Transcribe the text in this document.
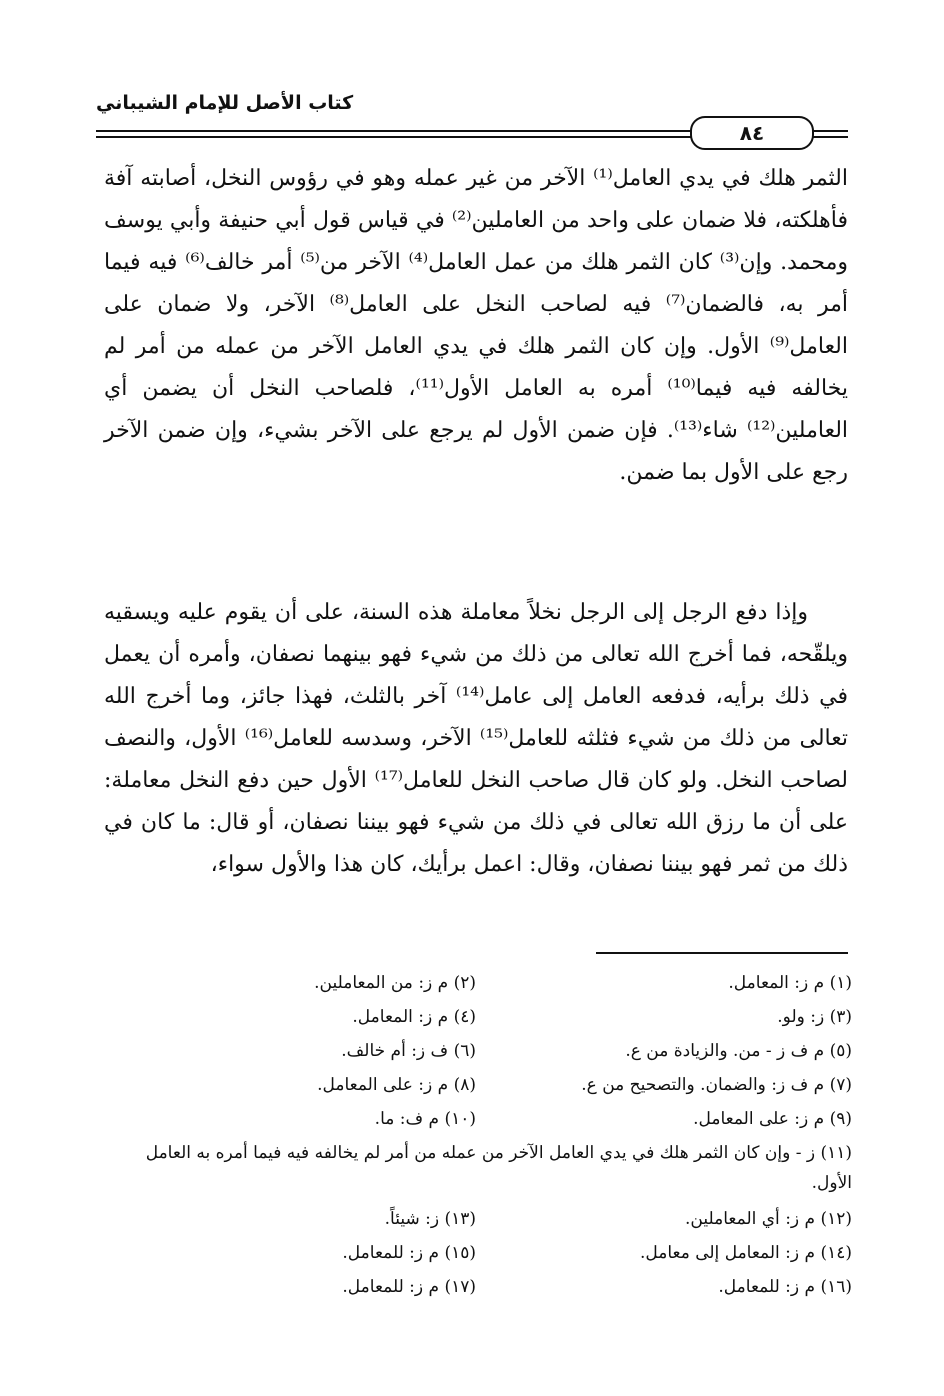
كتاب الأصل للإمام الشيباني
٨٤

الثمر هلك في يدي العامل⁽¹⁾ الآخر من غير عمله وهو في رؤوس النخل، أصابته آفة فأهلكته، فلا ضمان على واحد من العاملين⁽²⁾ في قياس قول أبي حنيفة وأبي يوسف ومحمد. وإن⁽³⁾ كان الثمر هلك من عمل العامل⁽⁴⁾ الآخر من⁽⁵⁾ أمر خالف⁽⁶⁾ فيه فيما أمر به، فالضمان⁽⁷⁾ فيه لصاحب النخل على العامل⁽⁸⁾ الآخر، ولا ضمان على العامل⁽⁹⁾ الأول. وإن كان الثمر هلك في يدي العامل الآخر من عمله من أمر لم يخالفه فيه فيما⁽¹⁰⁾ أمره به العامل الأول⁽¹¹⁾، فلصاحب النخل أن يضمن أي العاملين⁽¹²⁾ شاء⁽¹³⁾. فإن ضمن الأول لم يرجع على الآخر بشيء، وإن ضمن الآخر رجع على الأول بما ضمن.

وإذا دفع الرجل إلى الرجل نخلاً معاملة هذه السنة، على أن يقوم عليه ويسقيه ويلقّحه، فما أخرج الله تعالى من ذلك من شيء فهو بينهما نصفان، وأمره أن يعمل في ذلك برأيه، فدفعه العامل إلى عامل⁽¹⁴⁾ آخر بالثلث، فهذا جائز، وما أخرج الله تعالى من ذلك من شيء فثلثه للعامل⁽¹⁵⁾ الآخر، وسدسه للعامل⁽¹⁶⁾ الأول، والنصف لصاحب النخل. ولو كان قال صاحب النخل للعامل⁽¹⁷⁾ الأول حين دفع النخل معاملة: على أن ما رزق الله تعالى في ذلك من شيء فهو بيننا نصفان، أو قال: ما كان في ذلك من ثمر فهو بيننا نصفان، وقال: اعمل برأيك، كان هذا والأول سواء،

(١) م ز: المعامل.
(٢) م ز: من المعاملين.
(٣) ز: ولو.
(٤) م ز: المعامل.
(٥) م ف ز - من. والزيادة من ع.
(٦) ف ز: أم خالف.
(٧) م ف ز: والضمان. والتصحيح من ع.
(٨) م ز: على المعامل.
(٩) م ز: على المعامل.
(١٠) م ف: ما.
(١١) ز - وإن كان الثمر هلك في يدي العامل الآخر من عمله من أمر لم يخالفه فيه فيما أمره به العامل الأول.
(١٢) م ز: أي المعاملين.
(١٣) ز: شيئاً.
(١٤) م ز: المعامل إلى معامل.
(١٥) م ز: للمعامل.
(١٦) م ز: للمعامل.
(١٧) م ز: للمعامل.
